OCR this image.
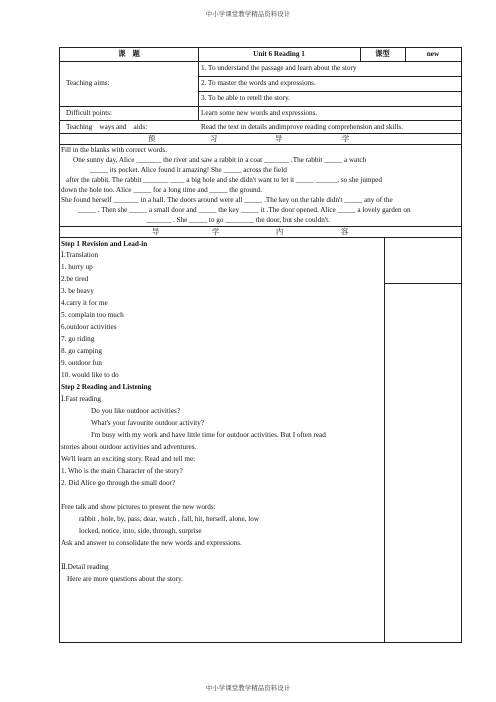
中小学课堂教学精品资料设计
课　题	Unit 6 Reading 1	课型	new
Teaching aims:
1. To understand the passage and learn about the story
2. To master the words and expressions.
3. To be able to retell the story.
Difficult points:	Learn some new words and expressions.
Teaching　ways and　aids:	Read the text in details andimprove reading comprehension and skills.
预	习	导	学
Fill in the blanks with correct words.
One sunny day, Alice _______ the river and saw a rabbit in a coat _______ .The rabbit _____ a watch
_____ its pocket. Alice found it amazing! She _____ across the field
after the rabbit. The rabbit _______ ____ a big hole and she didn't want to let it _____ ______, so she jumped
down the hole too. Alice _____ for a long time and _____ the ground.
She found herself _______ in a hall. The doors around were all _____ .The key on the table didn't _____ any of the
_____ . Then she _____ a small door and _____ the key _____ it .The door opened. Alice _____ a lovely garden on
_______ . She _____ to go ________ the door, but she couldn't.
导	学	内	容
Step 1 Revision and Lead-in
Ⅰ.Translation
1. hurry up
2.be tired
3. be heavy
4.carry it for me
5. complain too much
6.outdoor activities
7. go riding
8. go camping
9. outdoor fun
10. would like to do
Step 2 Reading and Listening
Ⅰ.Fast reading
Do you like outdoor activities?
What's your favourite outdoor activity?
I'm busy with my work and have little time for outdoor activities. But I often read
stories about outdoor activities and adventures.
We'll learn an exciting story. Read and tell me:
1. Who is the main Character of the story?
2. Did Alice go through the small door?
Free talk and show pictures to present the new words:
rabbit , hole, by, pass, dear, watch , fall, hit, herself, alone, low
locked, notice, into, side, through, surprise
Ask and answer to consolidate the new words and expressions.
Ⅱ.Detail reading
Here are more questions about the story.
中小学课堂教学精品资料设计
